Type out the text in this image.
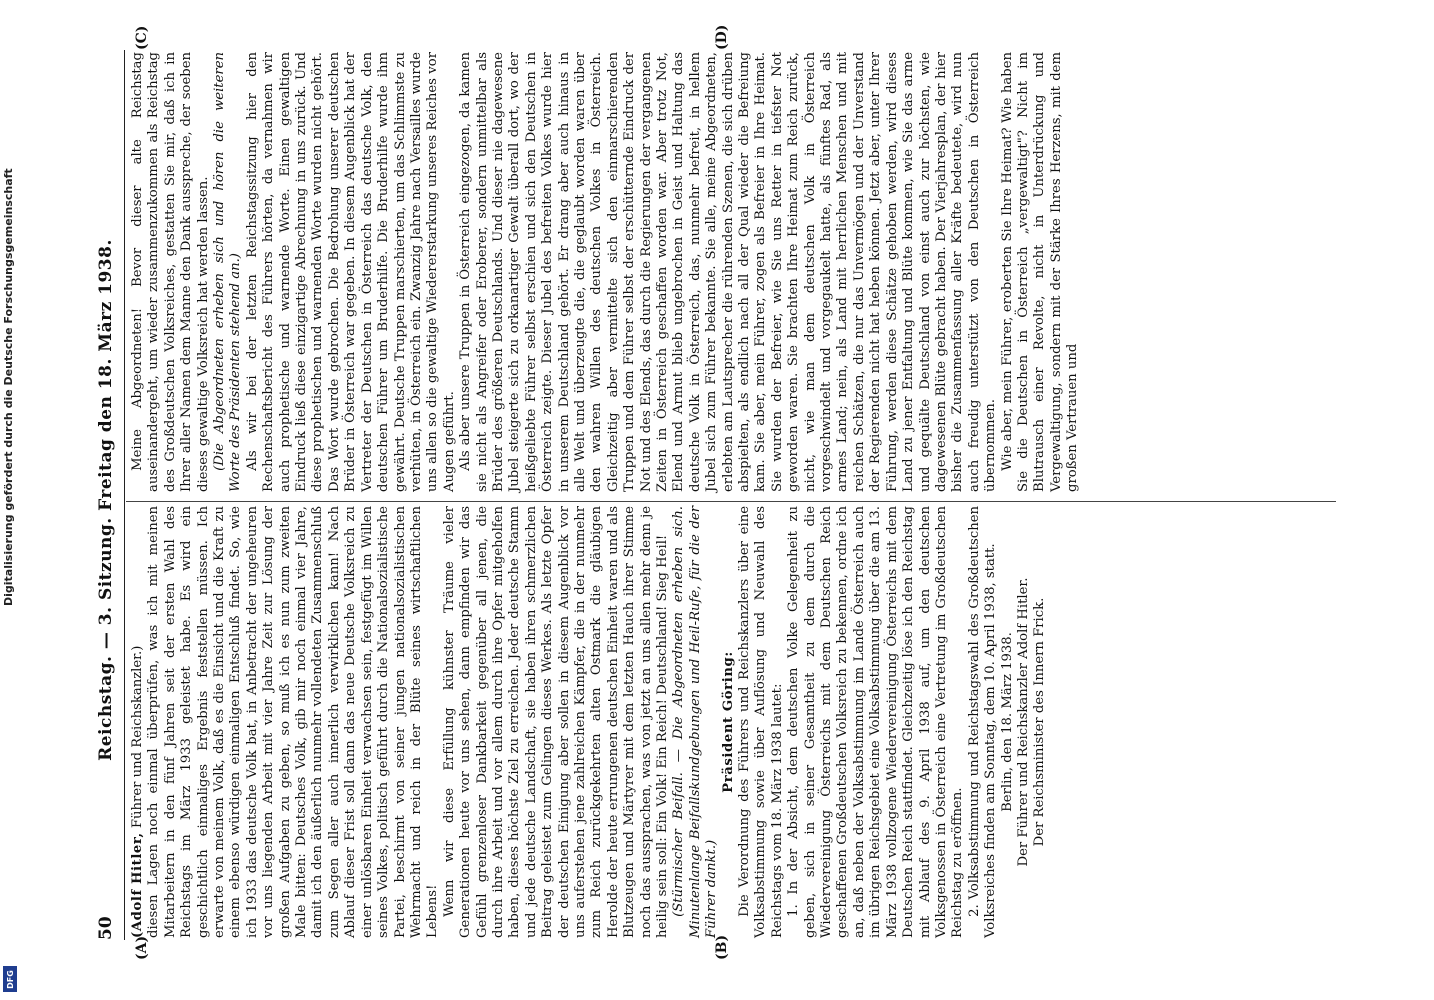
50
Reichstag. — 3. Sitzung. Freitag den 18. März 1938.
(A)	(B)
(C)	(D)

(Adolf Hitler, Führer und Reichskanzler.) diesen Lagen noch einmal überprüfen, was ich mit meinen Mitarbeitern in den fünf Jahren seit der ersten Wahl des Reichstags im März 1933 geleistet habe. Es wird ein geschichtlich einmaliges Ergebnis feststellen müssen. Ich erwarte von meinem Volk, daß es die Einsicht und die Kraft zu einem ebenso würdigen einmaligen Entschluß findet. So, wie ich 1933 das deutsche Volk bat, in Anbetracht der ungeheuren vor uns liegenden Arbeit mit vier Jahre Zeit zur Lösung der großen Aufgaben zu geben, so muß ich es nun zum zweiten Male bitten: Deutsches Volk, gib mir noch einmal vier Jahre, damit ich den äußerlich nunmehr vollendeten Zusammenschluß zum Segen aller auch innerlich verwirklichen kann! Nach Ablauf dieser Frist soll dann das neue Deutsche Volksreich zu einer unlösbaren Einheit verwachsen sein, festgefügt im Willen seines Volkes, politisch geführt durch die Nationalsozialistische Partei, beschirmt von seiner jungen nationalsozialistischen Wehrmacht und reich in der Blüte seines wirtschaftlichen Lebens! Wenn wir diese Erfüllung kühnster Träume vieler Generationen heute vor uns sehen, dann empfinden wir das Gefühl grenzenloser Dankbarkeit gegenüber all jenen, die durch ihre Arbeit und vor allem durch ihre Opfer mitgeholfen haben, dieses höchste Ziel zu erreichen. Jeder deutsche Stamm und jede deutsche Landschaft, sie haben ihren schmerzlichen Beitrag geleistet zum Gelingen dieses Werkes. Als letzte Opfer der deutschen Einigung aber sollen in diesem Augenblick vor uns auferstehen jene zahlreichen Kämpfer, die in der nunmehr zum Reich zurückgekehrten alten Ostmark die gläubigen Herolde der heute errungenen deutschen Einheit waren und als Blutzeugen und Märtyrer mit dem letzten Hauch ihrer Stimme noch das aussprachen, was von jetzt an uns allen mehr denn je heilig sein soll: Ein Volk! Ein Reich! Deutschland! Sieg Heil! (Stürmischer Beifall. — Die Abgeordneten erheben sich. Minutenlange Beifallskundgebungen und Heil-Rufe, für die der Führer dankt.)

Präsident Göring: Die Verordnung des Führers und Reichskanzlers über eine Volksabstimmung sowie über Auflösung und Neuwahl des Reichstags vom 18. März 1938 lautet: 1. In der Absicht, dem deutschen Volke Gelegenheit zu geben, sich in seiner Gesamtheit zu dem durch die Wiedervereinigung Österreichs mit dem Deutschen Reich geschaffenen Großdeutschen Volksreich zu bekennen, ordne ich an, daß neben der Volksabstimmung im Lande Österreich auch im übrigen Reichsgebiet eine Volksabstimmung über die am 13. März 1938 vollzogene Wiedervereinigung Österreichs mit dem Deutschen Reich stattfindet. Gleichzeitig löse ich den Reichstag mit Ablauf des 9. April 1938 auf, um den deutschen Volksgenossen in Österreich eine Vertretung im Großdeutschen Reichstag zu eröffnen. 2. Volksabstimmung und Reichstagswahl des Großdeutschen Volksreiches finden am Sonntag, dem 10. April 1938, statt. Berlin, den 18. März 1938. Der Führer und Reichskanzler Adolf Hitler. Der Reichsminister des Innern Frick.

Meine Abgeordneten! Bevor dieser alte Reichstag auseinandergeht, um wieder zusammenzukommen als Reichstag des Großdeutschen Volksreiches, gestatten Sie mir, daß ich in Ihrer aller Namen dem Manne den Dank ausspreche, der soeben dieses gewaltige Volksreich hat werden lassen. (Die Abgeordneten erheben sich und hören die weiteren Worte des Präsidenten stehend an.) Als wir bei der letzten Reichstagssitzung hier den Rechenschaftsbericht des Führers hörten, da vernahmen wir auch prophetische und warnende Worte. Einen gewaltigen Eindruck ließ diese einzigartige Abrechnung in uns zurück. Und diese prophetischen und warnenden Worte wurden nicht gehört. Das Wort wurde gebrochen. Die Bedrohung unserer deutschen Brüder in Österreich war gegeben. In diesem Augenblick hat der Vertreter der Deutschen in Österreich das deutsche Volk, den deutschen Führer um Bruderhilfe. Die Bruderhilfe wurde ihm gewährt. Deutsche Truppen marschierten, um das Schlimmste zu verhüten, in Österreich ein. Zwanzig Jahre nach Versailles wurde uns allen so die gewaltige Wiedererstarkung unseres Reiches vor Augen geführt. Als aber unsere Truppen in Österreich eingezogen, da kamen sie nicht als Angreifer oder Eroberer, sondern unmittelbar als Brüder des größeren Deutschlands. Und dieser nie dagewesene Jubel steigerte sich zu orkanartiger Gewalt überall dort, wo der heißgeliebte Führer selbst erschien und sich den Deutschen in Österreich zeigte. Dieser Jubel des befreiten Volkes wurde hier in unserem Deutschland gehört. Er drang aber auch hinaus in alle Welt und überzeugte die, die geglaubt worden waren über den wahren Willen des deutschen Volkes in Österreich. Gleichzeitig aber vermittelte sich den einmarschierenden Truppen und dem Führer selbst der erschütternde Eindruck der Not und des Elends, das durch die Regierungen der vergangenen Zeiten in Österreich geschaffen worden war. Aber trotz Not, Elend und Armut blieb ungebrochen in Geist und Haltung das deutsche Volk in Österreich, das, nunmehr befreit, in hellem Jubel sich zum Führer bekannte. Sie alle, meine Abgeordneten, erlebten am Lautsprecher die rührenden Szenen, die sich drüben abspielten, als endlich nach all der Qual wieder die Befreiung kam. Sie aber, mein Führer, zogen als Befreier in Ihre Heimat. Sie wurden der Befreier, wie Sie uns Retter in tiefster Not geworden waren. Sie brachten Ihre Heimat zum Reich zurück, nicht, wie man dem deutschen Volk in Österreich vorgeschwindelt und vorgegaukelt hatte, als fünftes Rad, als armes Land; nein, als Land mit herrlichen Menschen und mit reichen Schätzen, die nur das Unvermögen und der Unverstand der Regierenden nicht hat heben können. Jetzt aber, unter Ihrer Führung, werden diese Schätze gehoben werden, wird dieses Land zu jener Entfaltung und Blüte kommen, wie Sie das arme und gequälte Deutschland von einst auch zur höchsten, wie dagewesenen Blüte gebracht haben. Der Vierjahresplan, der hier bisher die Zusammenfassung aller Kräfte bedeutete, wird nun auch freudig unterstützt von den Deutschen in Österreich übernommen. Wie aber, mein Führer, eroberten Sie Ihre Heimat? Wie haben Sie die Deutschen in Österreich „vergewaltigt"? Nicht im Blutrausch einer Revolte, nicht in Unterdrückung und Vergewaltigung, sondern mit der Stärke Ihres Herzens, mit dem großen Vertrauen und

Digitalisierung gefördert durch die Deutsche Forschungsgemeinschaft
DFG
